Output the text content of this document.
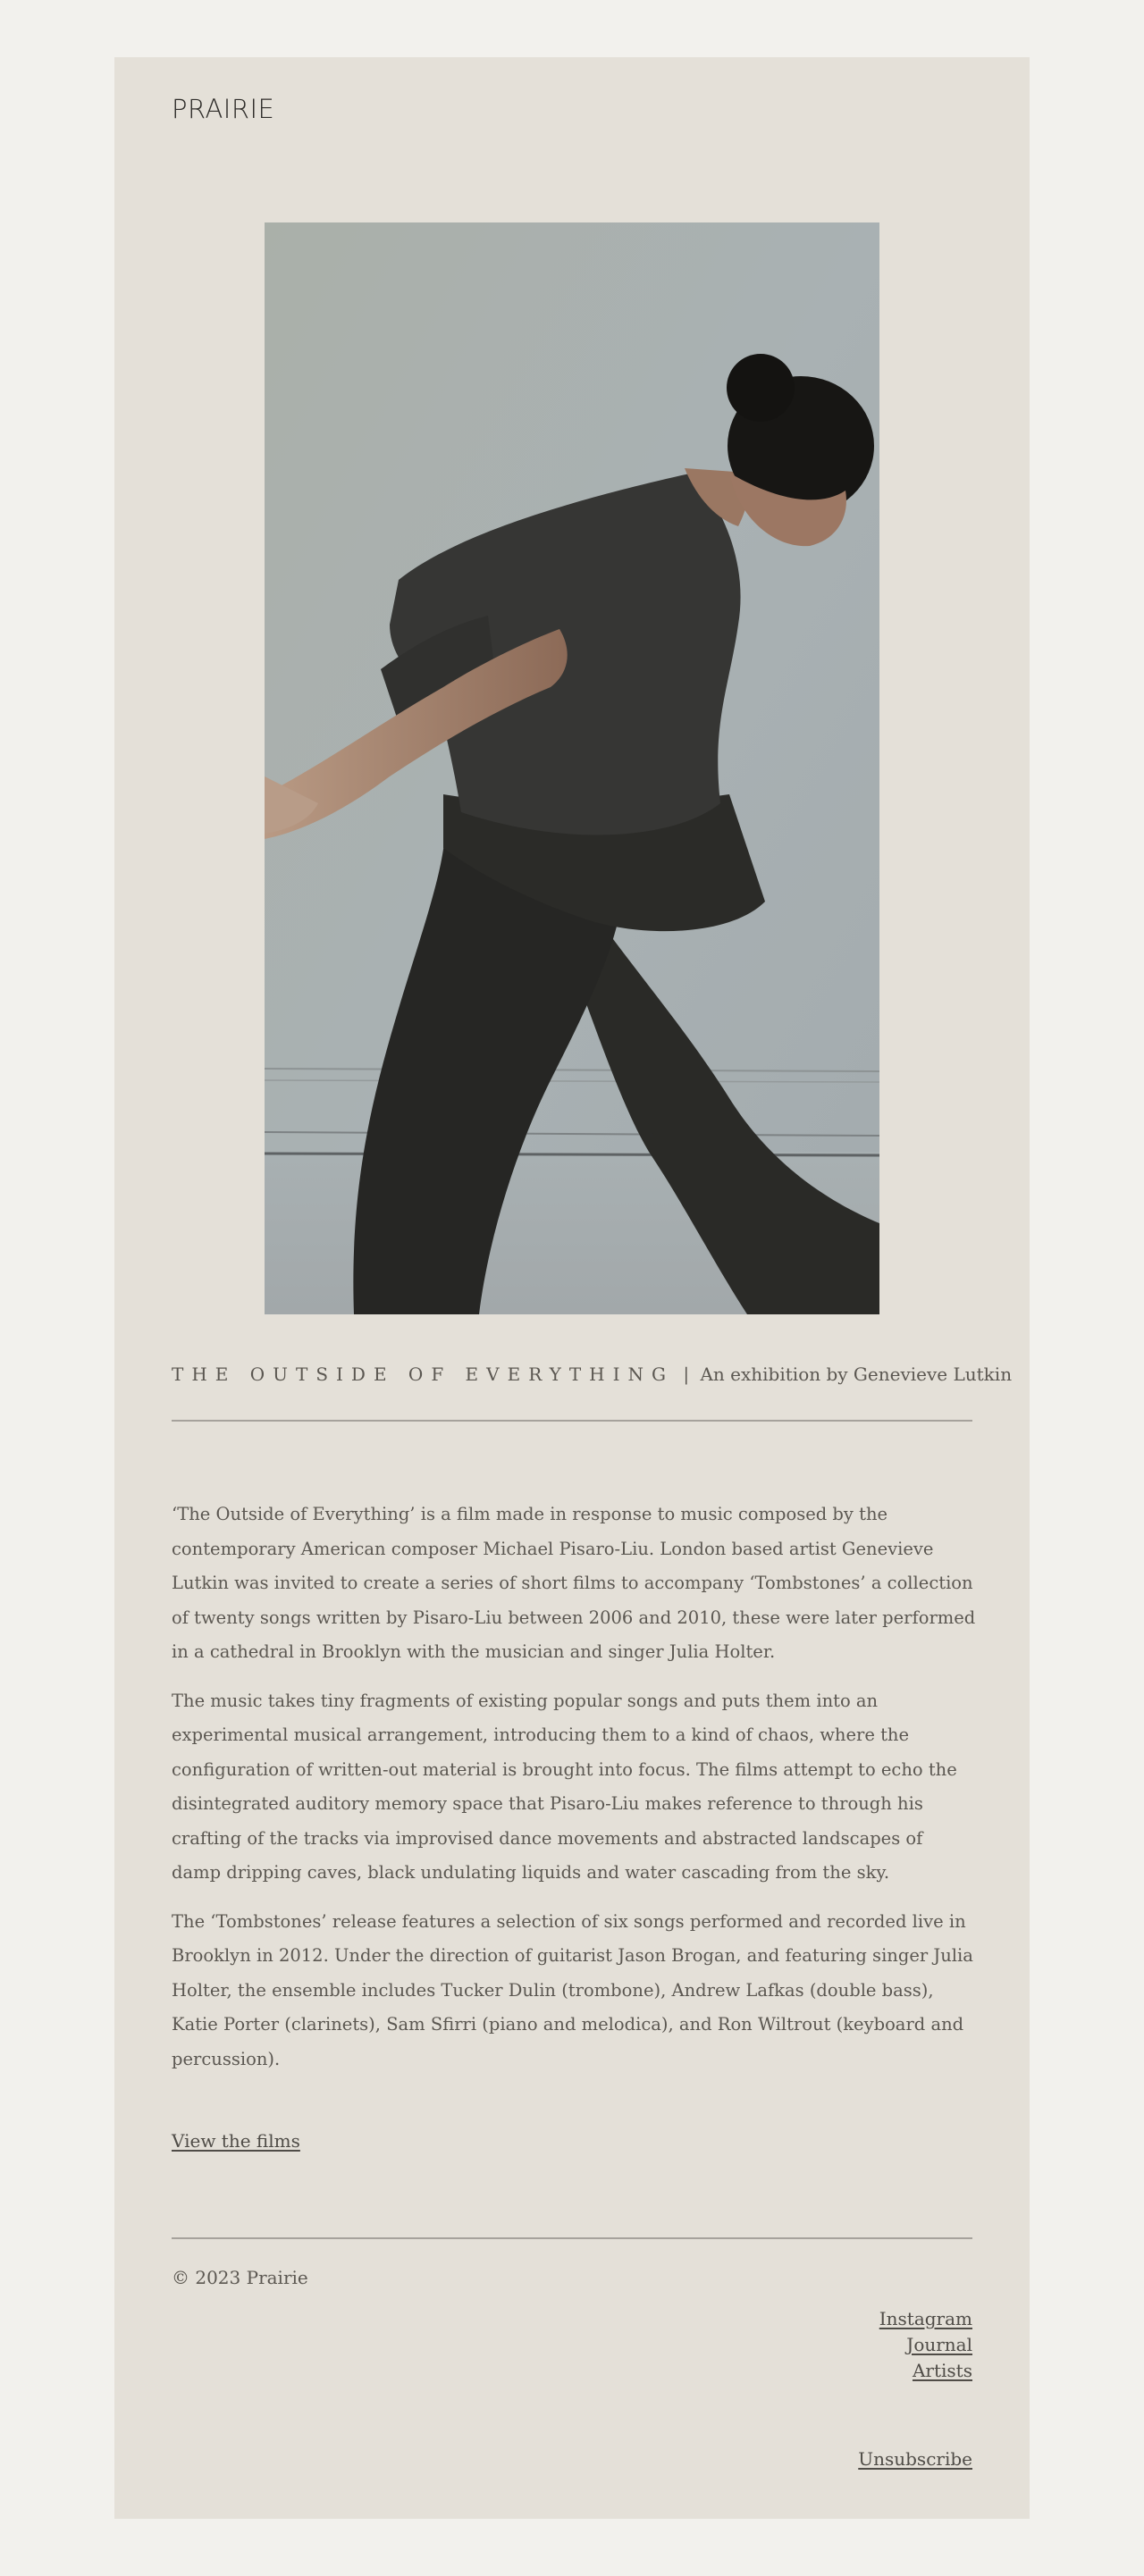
PRAIRIE
THE OUTSIDE OF EVERYTHING | An exhibition by Genevieve Lutkin

‘The Outside of Everything’ is a film made in response to music composed by the contemporary American composer Michael Pisaro-Liu. London based artist Genevieve Lutkin was invited to create a series of short films to accompany ‘Tombstones’ a collection of twenty songs written by Pisaro-Liu between 2006 and 2010, these were later performed in a cathedral in Brooklyn with the musician and singer Julia Holter.

The music takes tiny fragments of existing popular songs and puts them into an experimental musical arrangement, introducing them to a kind of chaos, where the configuration of written-out material is brought into focus. The films attempt to echo the disintegrated auditory memory space that Pisaro-Liu makes reference to through his crafting of the tracks via improvised dance movements and abstracted landscapes of damp dripping caves, black undulating liquids and water cascading from the sky.

The ‘Tombstones’ release features a selection of six songs performed and recorded live in Brooklyn in 2012. Under the direction of guitarist Jason Brogan, and featuring singer Julia Holter, the ensemble includes Tucker Dulin (trombone), Andrew Lafkas (double bass), Katie Porter (clarinets), Sam Sfirri (piano and melodica), and Ron Wiltrout (keyboard and percussion).

View the films
© 2023 Prairie
Instagram
Journal
Artists
Unsubscribe
